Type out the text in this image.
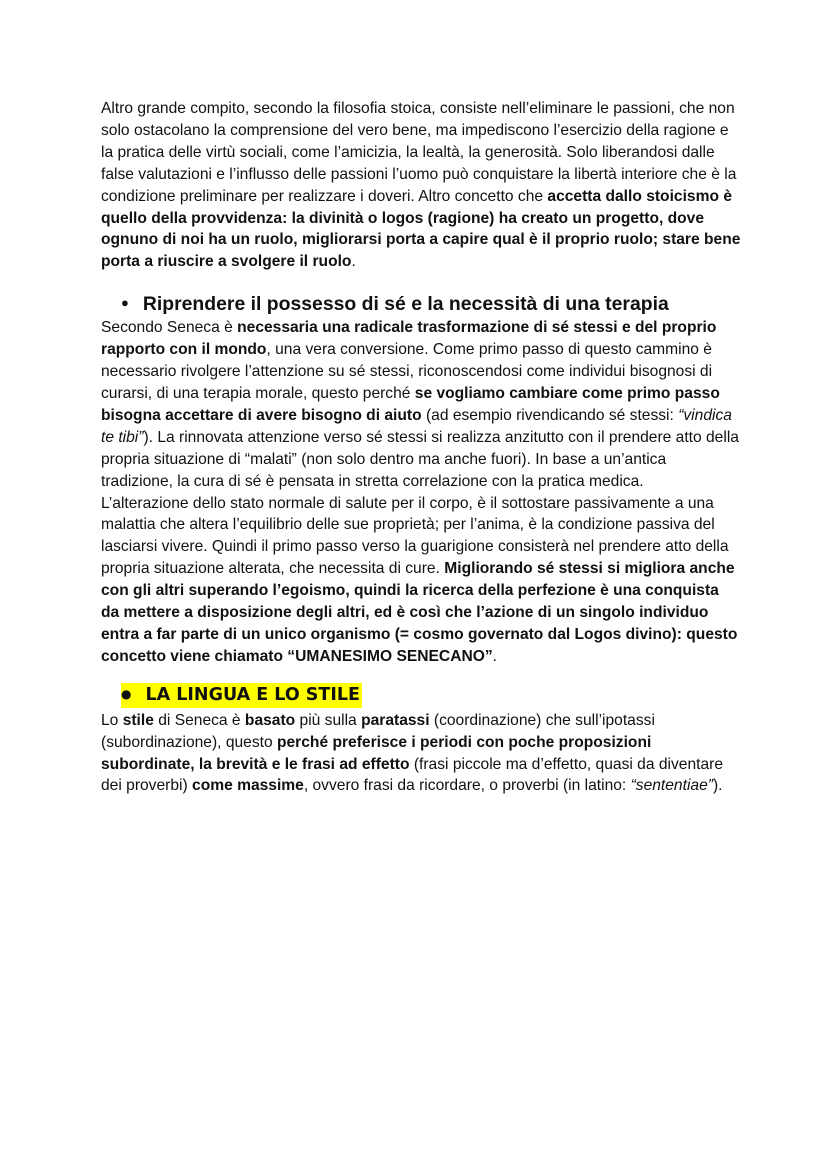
Altro grande compito, secondo la filosofia stoica, consiste nell’eliminare le passioni, che non solo ostacolano la comprensione del vero bene, ma impediscono l’esercizio della ragione e la pratica delle virtù sociali, come l’amicizia, la lealtà, la generosità. Solo liberandosi dalle false valutazioni e l’influsso delle passioni l’uomo può conquistare la libertà interiore che è la condizione preliminare per realizzare i doveri. Altro concetto che accetta dallo stoicismo è quello della provvidenza: la divinità o logos (ragione) ha creato un progetto, dove ognuno di noi ha un ruolo, migliorarsi porta a capire qual è il proprio ruolo; stare bene porta a riuscire a svolgere il ruolo.

● Riprendere il possesso di sé e la necessità di una terapia

Secondo Seneca è necessaria una radicale trasformazione di sé stessi e del proprio rapporto con il mondo, una vera conversione. Come primo passo di questo cammino è necessario rivolgere l’attenzione su sé stessi, riconoscendosi come individui bisognosi di curarsi, di una terapia morale, questo perché se vogliamo cambiare come primo passo bisogna accettare di avere bisogno di aiuto (ad esempio rivendicando sé stessi: “vindica te tibi”). La rinnovata attenzione verso sé stessi si realizza anzitutto con il prendere atto della propria situazione di “malati” (non solo dentro ma anche fuori). In base a un’antica tradizione, la cura di sé è pensata in stretta correlazione con la pratica medica.

L’alterazione dello stato normale di salute per il corpo, è il sottostare passivamente a una malattia che altera l’equilibrio delle sue proprietà; per l’anima, è la condizione passiva del lasciarsi vivere. Quindi il primo passo verso la guarigione consisterà nel prendere atto della propria situazione alterata, che necessita di cure. Migliorando sé stessi si migliora anche con gli altri superando l’egoismo, quindi la ricerca della perfezione è una conquista da mettere a disposizione degli altri, ed è così che l’azione di un singolo individuo entra a far parte di un unico organismo (= cosmo governato dal Logos divino): questo concetto viene chiamato “UMANESIMO SENECANO”.

● LA LINGUA E LO STILE

Lo stile di Seneca è basato più sulla paratassi (coordinazione) che sull’ipotassi (subordinazione), questo perché preferisce i periodi con poche proposizioni subordinate, la brevità e le frasi ad effetto (frasi piccole ma d’effetto, quasi da diventare dei proverbi) come massime, ovvero frasi da ricordare, o proverbi (in latino: “sententiae”).
